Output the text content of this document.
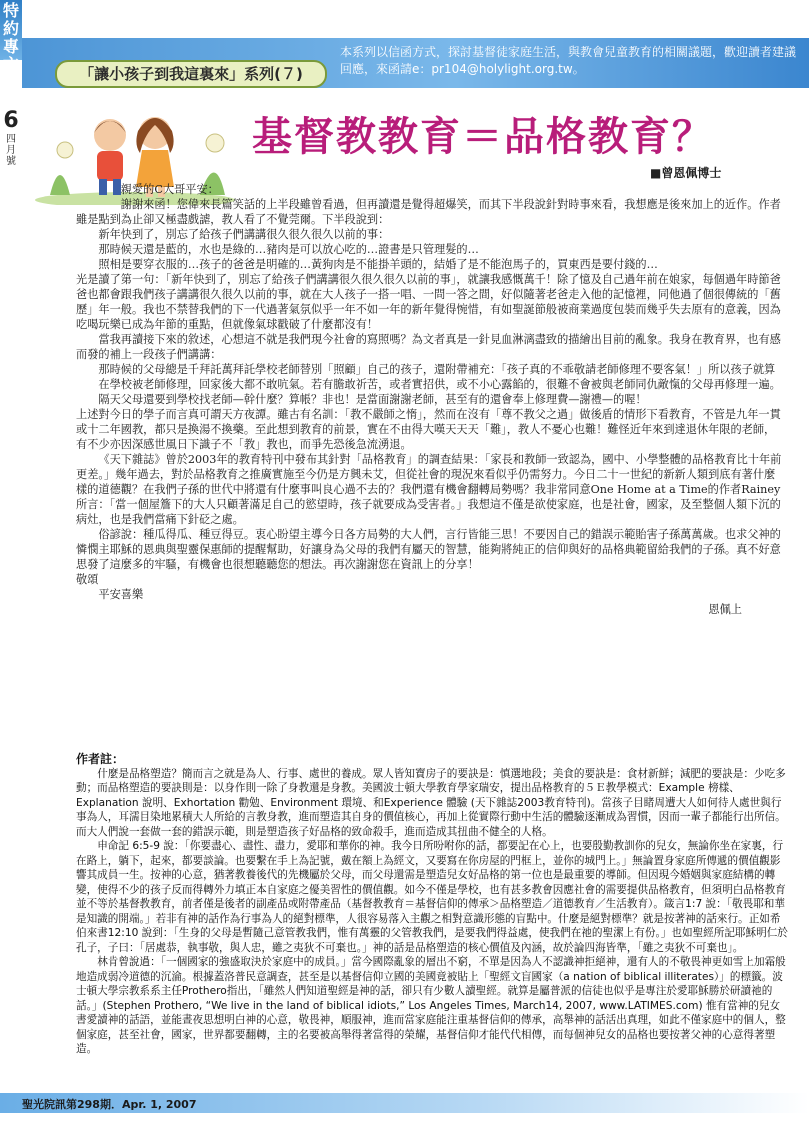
特約專文
6
四月號
「讓小孩子到我這裏來」系列(７)
本系列以信函方式，探討基督徒家庭生活，與教會兒童教育的相關議題，歡迎讀者建議回應，來函請e：pr104@holylight.org.tw。
基督教教育＝品格教育？
■曾恩佩博士

親愛的C大哥平安：

謝謝來函！您偉來長篇笑話的上半段雖曾看過，但再讀還是覺得超爆笑，而其下半段說針對時事來看，我想應是後來加上的近作。作者雖是點到為止卻又極盡戲謔，教人看了不覺莞爾。下半段說到：

新年快到了，別忘了給孩子們講講很久很久很久以前的事：

那時候天還是藍的，水也是綠的…豬肉是可以放心吃的…證書是只管理髮的…

照相是要穿衣服的…孩子的爸爸是明確的…黃狗肉是不能掛羊頭的，結婚了是不能泡馬子的，買東西是要付錢的…

光是讀了第一句：「新年快到了，別忘了給孩子們講講很久很久很久以前的事」，就讓我感慨萬千！除了憶及自己過年前在娘家，每個過年時節爸爸也都會跟我們孩子講講很久很久以前的事，就在大人孩子一搭一唱、一問一答之間，好似隨著老爸走入他的記憶裡，同他過了個很傳統的「舊歷」年一般。我也不禁替我們的下一代過著氣氛似乎一年不如一年的新年覺得惋惜，有如聖誕節般被商業過度包裝而幾乎失去原有的意義，因為吃喝玩樂已成為年節的重點，但就像氣球戳破了什麼都沒有！

當我再讀接下來的敘述，心想這不就是我們現今社會的寫照嗎？為文者真是一針見血淋漓盡致的描繪出目前的亂象。我身在教育界，也有感而發的補上一段孩子們講講：

那時候的父母總是千拜託萬拜託學校老師替別「照顧」自己的孩子，還附帶補充：「孩子真的不乖敬請老師修理不要客氣！」所以孩子就算在學校被老師修理，回家後大都不敢吭氣。若有膽敢祈苦，或者實招供，或不小心露餡的，很難不會被與老師同仇敵愾的父母再修理一遍。隔天父母還要到學校找老師—幹什麼？算帳？非也！是當面謝謝老師，甚至有的還會奉上修理費—謝禮—的喔！

上述對今日的學子而言真可謂天方夜譚。雖古有名訓：「教不嚴師之惰」，然而在沒有「尊不教父之過」做後盾的情形下看教育，不管是九年一貫或十二年國教，都只是換湯不換藥。至此想到教育的前景，實在不由得大嘆天天天「難」，教人不憂心也難！難怪近年來到達退休年限的老師，有不少亦因深感世風日下識子不「教」教也，而爭先恐後急流湧退。

《天下雜誌》曾於2003年的教育特刊中發布其針對「品格教育」的調查結果：「家長和教師一致認為，國中、小學整體的品格教育比十年前更差。」幾年過去，對於品格教育之推廣實施至今仍是方興未艾，但從社會的現況來看似乎仍需努力。今日二十一世紀的新新人類到底有著什麼樣的道德觀？在我們子孫的世代中將還有什麼事叫良心過不去的？我們還有機會翻轉局勢嗎？我非常同意One Home at a Time的作者Rainey所言：「當一個屋簷下的大人只顧著滿足自己的慾望時，孩子就要成為受害者。」我想這不僅是欲使家庭，也是社會，國家，及至整個人類下沉的病灶，也是我們當痛下針砭之處。

俗諺說：種瓜得瓜、種豆得豆。衷心盼望主導今日各方局勢的大人們，言行皆能三思！不要因自己的錯誤示範貽害子孫萬萬歲。也求父神的憐憫主耶穌的恩典與聖靈保惠師的提醒幫助，好讓身為父母的我們有屬天的智慧，能夠將純正的信仰與好的品格典範留給我們的子孫。真不好意思發了這麼多的牢騷，有機會也很想聽聽您的想法。再次謝謝您在資訊上的分享！

敬頌

平安喜樂

恩佩上

作者註：

什麼是品格塑造？簡而言之就是為人、行事、處世的養成。眾人皆知寶房子的要訣是：慎選地段；美食的要訣是：食材新鮮；減肥的要訣是：少吃多動；而品格塑造的要訣則是：以身作則一除了身教還是身教。美國波士頓大學教育學家瑞安，提出品格教育的５Ｅ教學模式：Example 榜樣、Explanation 說明、Exhortation 勸勉、Environment 環境、和Experience 體驗 (天下雜誌2003教育特刊)。當孩子目睹周遭大人如何待人處世與行事為人，耳濡目染地累積大人所給的言教身教，進而塑造其自身的價值核心，再加上從實際行動中生活的體驗逐漸成為習慣，因而一輩子都能行出所信。而大人們說一套做一套的錯誤示範，則是塑造孩子好品格的致命殺手，進而造成其扭曲不健全的人格。

申命記 6:5-9 說：「你要盡心、盡性、盡力，愛耶和華你的神。我今日所吩咐你的話，都要記在心上，也要殷勤教訓你的兒女，無論你坐在家裏，行在路上，躺下，起來，都要談論。也要繫在手上為記號，戴在額上為經文，又要寫在你房屋的門框上，並你的城門上。」無論置身家庭所傳遞的價值觀影響其成員一生。按神的心意，猶著教養後代的先機屬於父母，而父母還需是塑造兒女好品格的第一位也是最重要的導師。但因現今婚姻與家庭結構的轉變，使得不少的孩子反而得轉外力填正本自家庭之優美習性的價值觀。如今不僅是學校，也有甚多教會因應社會的需要提供品格教育，但須明白品格教育並不等於基督教教育，前者僅是後者的副產品或附帶產品（基督教教育＝基督信仰的傳承＞品格塑造／道德教育／生活教育）。箴言1:7 說：「敬畏耶和華是知識的開端。」若非有神的話作為行事為人的絕對標準，人很容易落入主觀之相對意識形態的盲點中。什麼是絕對標準？就是按著神的話來行。正如希伯來書12:10 說到：「生身的父母是暫隨己意管教我們，惟有萬靈的父管教我們，是要我們得益處，使我們在祂的聖潔上有份。」也如聖經所記耶穌明仁於孔子，子曰：「居處恭，執事敬，與人忠，雖之夷狄不可棄也。」神的話是品格塑造的核心價值及內涵，故於論四海皆準，「雖之夷狄不可棄也」。

林肯曾說過：「一個國家的強盛取決於家庭中的成員。」當今國際亂象的層出不窮，不單是因為人不認識神拒絕神，還有人的不敬畏神更如雪上加霜般地造成弱冷道德的沉淪。根據蓋洛普民意調查，甚至是以基督信仰立國的美國竟被貼上「聖經文盲國家（a nation of biblical illiterates）」的標籤。波士頓大學宗教系系主任Prothero指出，「雖然人們知道聖經是神的話，卻只有少數人讀聖經。就算是屬普派的信徒也似乎是專注於愛耶穌勝於研讀祂的話。」(Stephen Prothero, “We live in the land of biblical idiots,” Los Angeles Times, March14, 2007, www.LATIMES.com) 惟有當神的兒女書愛讀神的話語，並能晝夜思想明白神的心意，敬畏神，順服神，進而當家庭能注重基督信仰的傳承，高舉神的話活出真理，如此不僅家庭中的個人，整個家庭，甚至社會，國家，世界都要翻轉，主的名要被高舉得著當得的榮耀，基督信仰才能代代相傳，而每個神兒女的品格也要按著父神的心意得著塑造。

聖光院訊第298期．Apr. 1, 2007
